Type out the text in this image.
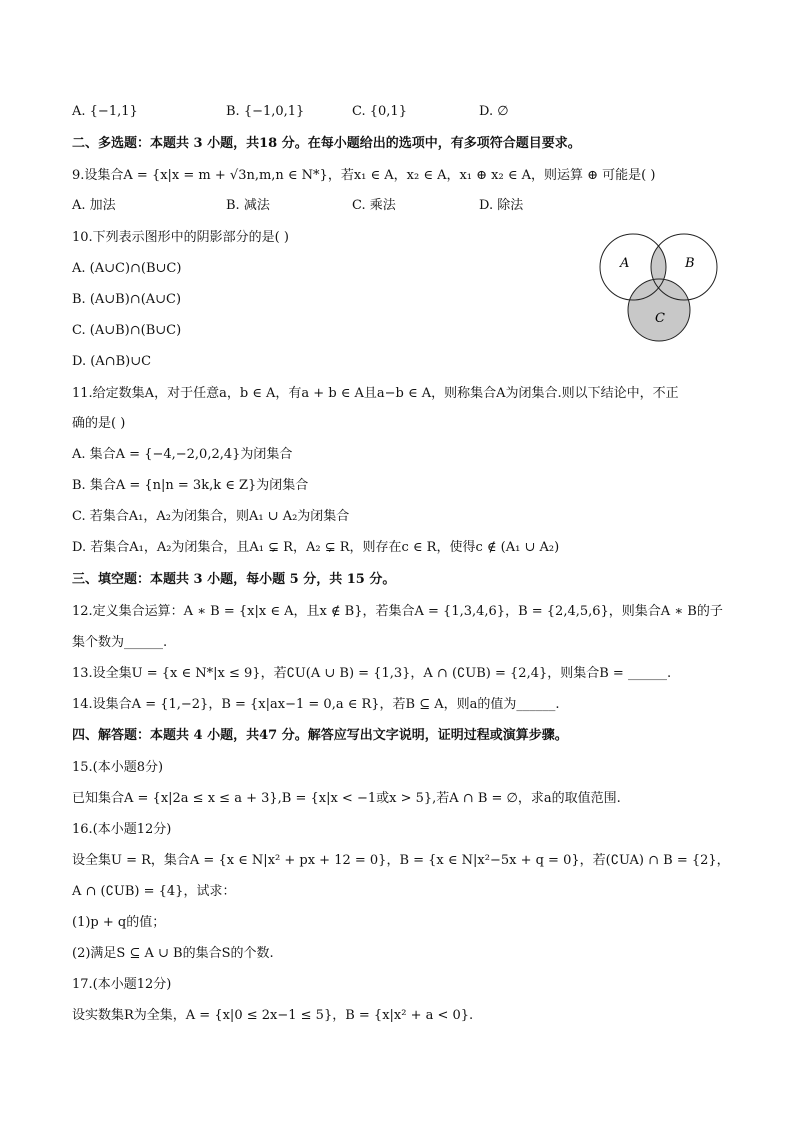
A. {−1,1}	B. {−1,0,1}	C. {0,1}	D. ∅
二、多选题：本题共 3 小题，共18 分。在每小题给出的选项中，有多项符合题目要求。
9.设集合A = {x|x = m + √3n,m,n ∈ N*}，若x₁ ∈ A，x₂ ∈ A，x₁ ⊕ x₂ ∈ A，则运算 ⊕ 可能是( )
A. 加法	B. 减法	C. 乘法	D. 除法
10.下列表示图形中的阴影部分的是( )
A. (A∪C)∩(B∪C)
B. (A∪B)∩(A∪C)
C. (A∪B)∩(B∪C)
D. (A∩B)∪C
A	B
C
11.给定数集A，对于任意a，b ∈ A，有a + b ∈ A且a−b ∈ A，则称集合A为闭集合.则以下结论中，不正
确的是( )
A. 集合A = {−4,−2,0,2,4}为闭集合
B. 集合A = {n|n = 3k,k ∈ Z}为闭集合
C. 若集合A₁，A₂为闭集合，则A₁ ∪ A₂为闭集合
D. 若集合A₁，A₂为闭集合，且A₁ ⊊ R，A₂ ⊊ R，则存在c ∈ R，使得c ∉ (A₁ ∪ A₂)
三、填空题：本题共 3 小题，每小题 5 分，共 15 分。
12.定义集合运算：A ∗ B = {x|x ∈ A，且x ∉ B}，若集合A = {1,3,4,6}，B = {2,4,5,6}，则集合A ∗ B的子
集个数为______.
13.设全集U = {x ∈ N*|x ≤ 9}，若∁U(A ∪ B) = {1,3}，A ∩ (∁UB) = {2,4}，则集合B = ______.
14.设集合A = {1,−2}，B = {x|ax−1 = 0,a ∈ R}，若B ⊆ A，则a的值为______.
四、解答题：本题共 4 小题，共47 分。解答应写出文字说明，证明过程或演算步骤。
15.(本小题8分)
已知集合A = {x|2a ≤ x ≤ a + 3},B = {x|x < −1或x > 5},若A ∩ B = ∅，求a的取值范围.
16.(本小题12分)
设全集U = R，集合A = {x ∈ N|x² + px + 12 = 0}，B = {x ∈ N|x²−5x + q = 0}，若(∁UA) ∩ B = {2}，
A ∩ (∁UB) = {4}，试求：
(1)p + q的值；
(2)满足S ⊆ A ∪ B的集合S的个数.
17.(本小题12分)
设实数集R为全集，A = {x|0 ≤ 2x−1 ≤ 5}，B = {x|x² + a < 0}.
